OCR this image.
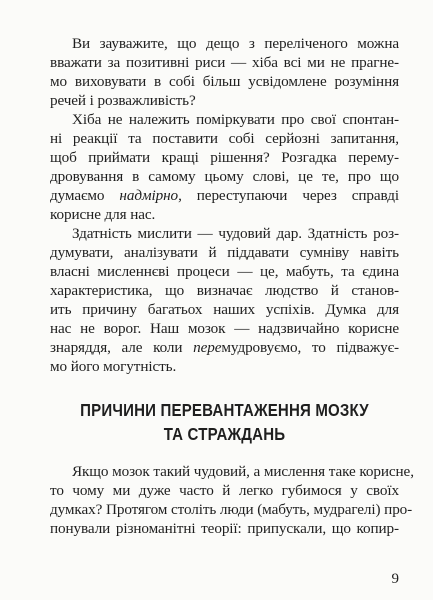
Ви зауважите, що дещо з переліченого можна
вважати за позитивні риси — хіба всі ми не прагне-
мо виховувати в собі більш усвідомлене розуміння
речей і розважливість?

Хіба не належить поміркувати про свої спонтан-
ні реакції та поставити собі серйозні запитання,
щоб приймати кращі рішення? Розгадка перему-
дровування в самому цьому слові, це те, про що
думаємо надмірно, переступаючи через справді
корисне для нас.

Здатність мислити — чудовий дар. Здатність роз-
думувати, аналізувати й піддавати сумніву навіть
власні мисленнєві процеси — це, мабуть, та єдина
характеристика, що визначає людство й станов-
ить причину багатьох наших успіхів. Думка для
нас не ворог. Наш мозок — надзвичайно корисне
знаряддя, але коли перемудровуємо, то підважує-
мо його могутність.

ПРИЧИНИ ПЕРЕВАНТАЖЕННЯ МОЗКУ
ТА СТРАЖДАНЬ

Якщо мозок такий чудовий, а мислення таке корисне,
то чому ми дуже часто й легко губимося у своїх
думках? Протягом століть люди (мабуть, мудрагелі) про-
понували різноманітні теорії: припускали, що копир-

9
